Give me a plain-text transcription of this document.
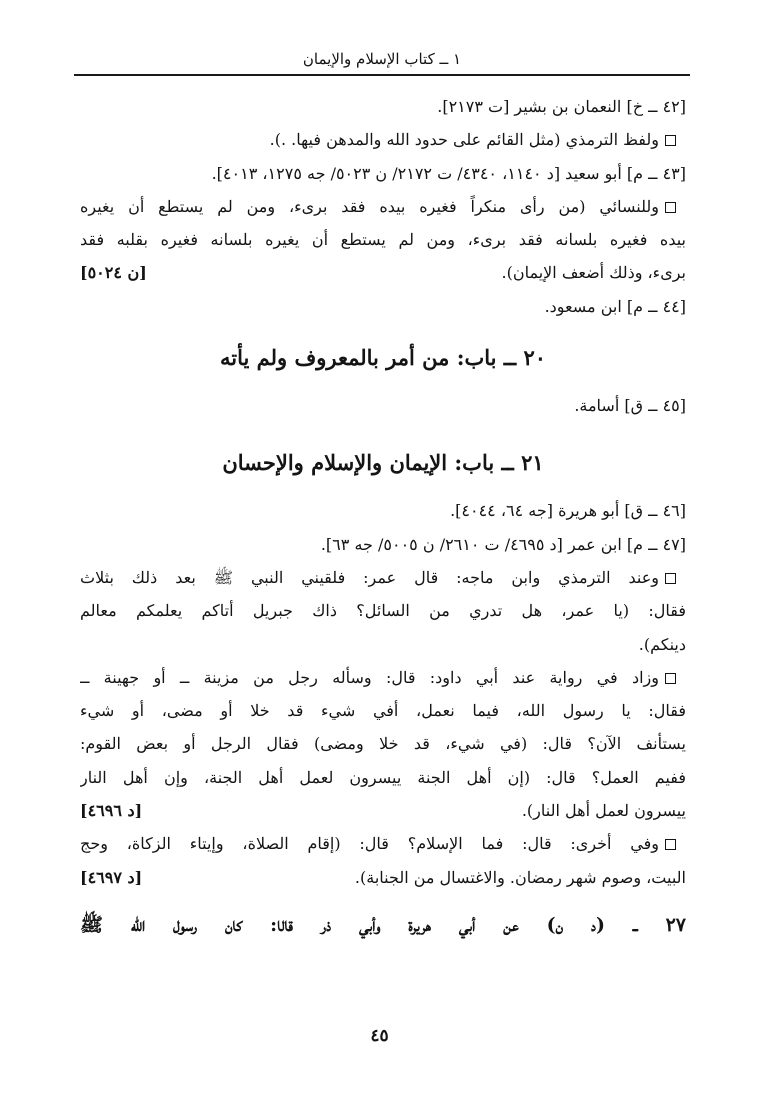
١ ــ كتاب الإسلام والإيمان
[٤٢ ــ خ] النعمان بن بشير [ت ٢١٧٣].
ولفظ الترمذي (مثل القائم على حدود الله والمدهن فيها. .).
[٤٣ ــ م] أبو سعيد [د ١١٤٠، ٤٣٤٠/ ت ٢١٧٢/ ن ٥٠٢٣/ جه ١٢٧٥، ٤٠١٣].
وللنسائي (من رأى منكراً فغيره بيده فقد برىء، ومن لم يستطع أن يغيره
بيده فغيره بلسانه فقد برىء، ومن لم يستطع أن يغيره بلسانه فغيره بقلبه فقد
برىء، وذلك أضعف الإيمان).
[ن ٥٠٢٤]
[٤٤ ــ م] ابن مسعود.
٢٠ ــ باب: من أمر بالمعروف ولم يأته
[٤٥ ــ ق] أسامة.
٢١ ــ باب: الإيمان والإسلام والإحسان
[٤٦ ــ ق] أبو هريرة [جه ٦٤، ٤٠٤٤].
[٤٧ ــ م] ابن عمر [د ٤٦٩٥/ ت ٢٦١٠/ ن ٥٠٠٥/ جه ٦٣].
وعند الترمذي وابن ماجه: قال عمر: فلقيني النبي ﷺ بعد ذلك بثلاث
فقال: (يا عمر، هل تدري من السائل؟ ذاك جبريل أتاكم يعلمكم معالم
دينكم).
وزاد في رواية عند أبي داود: قال: وسأله رجل من مزينة ــ أو جهينة ــ
فقال: يا رسول الله، فيما نعمل، أفي شيء قد خلا أو مضى، أو شيء
يستأنف الآن؟ قال: (في شيء، قد خلا ومضى) فقال الرجل أو بعض القوم:
ففيم العمل؟ قال: (إن أهل الجنة ييسرون لعمل أهل الجنة، وإن أهل النار
ييسرون لعمل أهل النار).
[د ٤٦٩٦]
وفي أخرى: قال: فما الإسلام؟ قال: (إقام الصلاة، وإيتاء الزكاة، وحج
البيت، وصوم شهر رمضان. والاغتسال من الجنابة).
[د ٤٦٩٧]
٢٧ ــ (د ن) عن أبي هريرة وأبي ذر قالا: كان رسول الله ﷺ
٤٥
